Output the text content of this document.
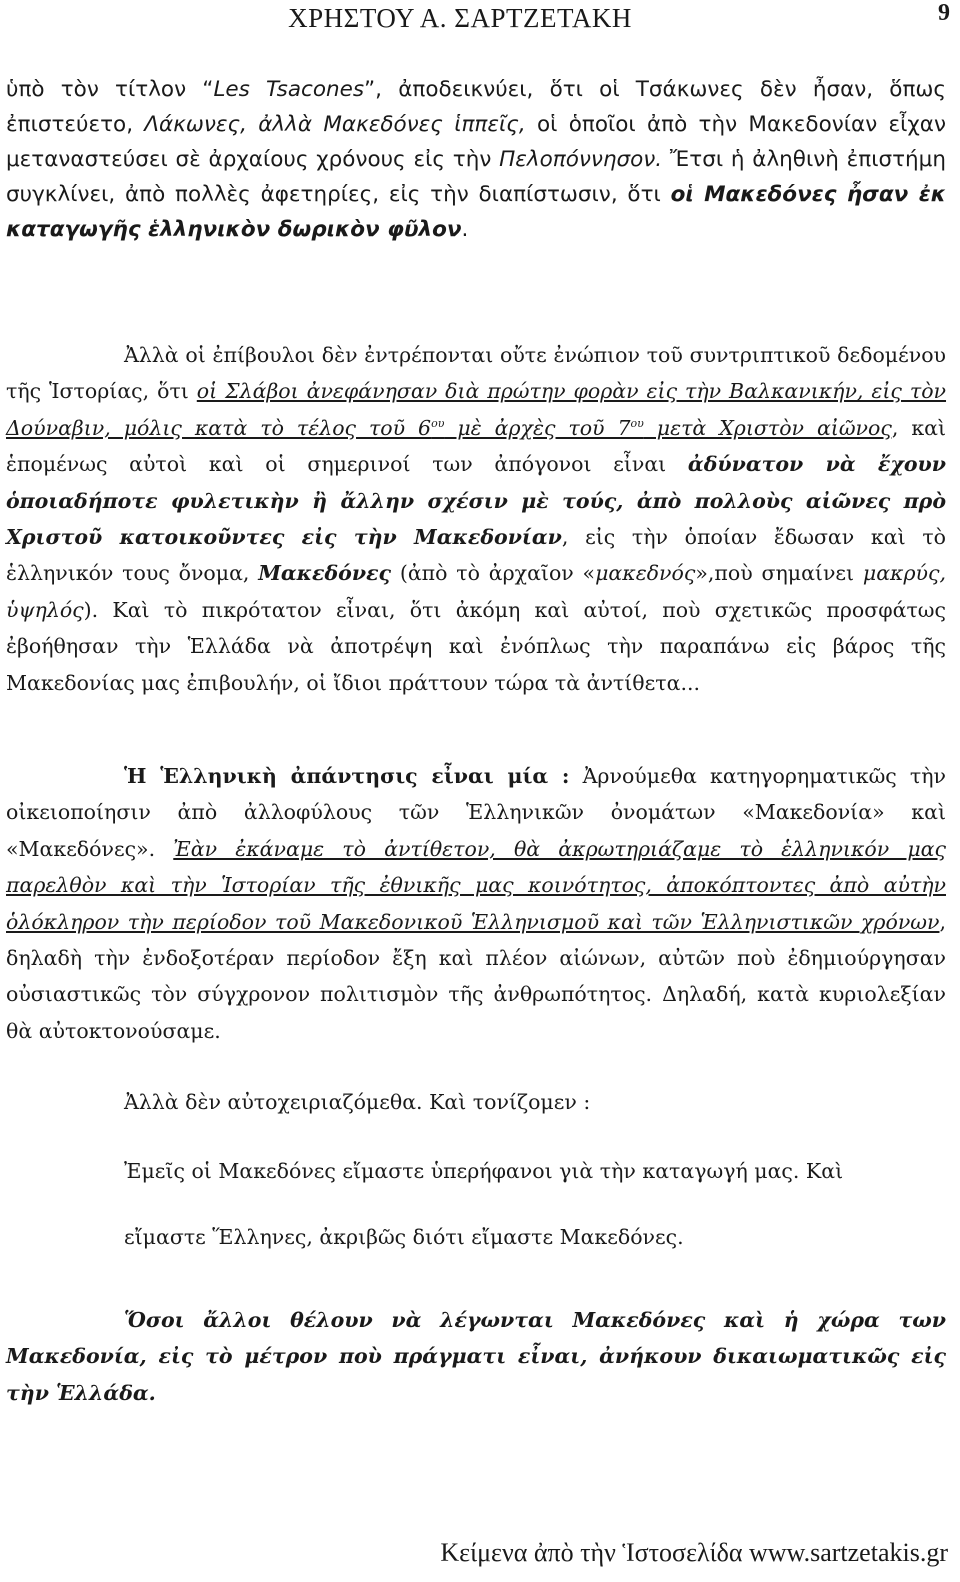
ΧΡΗΣΤΟΥ Α. ΣΑΡΤΖΕΤΑΚΗ	9

ὑπὸ τὸν τίτλον “Les Tsacones”, ἀποδεικνύει, ὅτι οἱ Τσάκωνες δὲν ἦσαν, ὅπως ἐπιστεύετο, Λάκωνες, ἀλλὰ Μακεδόνες ἱππεῖς, οἱ ὁποῖοι ἀπὸ τὴν Μακεδονίαν εἶχαν μεταναστεύσει σὲ ἀρχαίους χρόνους εἰς τὴν Πελοπόννησον. Ἔτσι ἡ ἀληθινὴ ἐπιστήμη συγκλίνει, ἀπὸ πολλὲς ἀφετηρίες, εἰς τὴν διαπίστωσιν, ὅτι οἱ Μακεδόνες ἦσαν ἐκ καταγωγῆς ἑλληνικὸν δωρικὸν φῦλον.

Ἀλλὰ οἱ ἐπίβουλοι δὲν ἐντρέπονται οὔτε ἐνώπιον τοῦ συντριπτικοῦ δεδομένου τῆς Ἱστορίας, ὅτι οἱ Σλάβοι ἀνεφάνησαν διὰ πρώτην φορὰν εἰς τὴν Βαλκανικήν, εἰς τὸν Δούναβιν, μόλις κατὰ τὸ τέλος τοῦ $6^{o\upsilon}$ μὲ ἀρχὲς τοῦ $7^{o\upsilon}$ μετὰ Χριστὸν αἰῶνος, καὶ ἑπομένως αὐτοὶ καὶ οἱ σημερινοί των ἀπόγονοι εἶναι ἀδύνατον νὰ ἔχουν ὁποιαδήποτε φυλετικὴν ἢ ἄλλην σχέσιν μὲ τούς, ἀπὸ πολλοὺς αἰῶνες πρὸ Χριστοῦ κατοικοῦντες εἰς τὴν Μακεδονίαν, εἰς τὴν ὁποίαν ἔδωσαν καὶ τὸ ἑλληνικόν τους ὄνομα, Μακεδόνες (ἀπὸ τὸ ἀρχαῖον «μακεδνός»,ποὺ σημαίνει μακρύς, ὑψηλός). Καὶ τὸ πικρότατον εἶναι, ὅτι ἀκόμη καὶ αὐτοί, ποὺ σχετικῶς προσφάτως ἐβοήθησαν τὴν Ἑλλάδα νὰ ἀποτρέψη καὶ ἐνόπλως τὴν παραπάνω εἰς βάρος τῆς Μακεδονίας μας ἐπιβουλήν, οἱ ἴδιοι πράττουν τώρα τὰ ἀντίθετα...

Ἡ Ἑλληνικὴ ἀπάντησις εἶναι μία : Ἀρνούμεθα κατηγορηματικῶς τὴν οἰκειοποίησιν ἀπὸ ἀλλοφύλους τῶν Ἑλληνικῶν ὀνομάτων «Μακεδονία» καὶ «Μακεδόνες». Ἐὰν ἐκάναμε τὸ ἀντίθετον, θὰ ἀκρωτηριάζαμε τὸ ἑλληνικόν μας παρελθὸν καὶ τὴν Ἱστορίαν τῆς ἐθνικῆς μας κοινότητος, ἀποκόπτοντες ἀπὸ αὐτὴν ὁλόκληρον τὴν περίοδον τοῦ Μακεδονικοῦ Ἑλληνισμοῦ καὶ τῶν Ἑλληνιστικῶν χρόνων, δηλαδὴ τὴν ἐνδοξοτέραν περίοδον ἔξη καὶ πλέον αἰώνων, αὐτῶν ποὺ ἐδημιούργησαν οὐσιαστικῶς τὸν σύγχρονον πολιτισμὸν τῆς ἀνθρωπότητος. Δηλαδή, κατὰ κυριολεξίαν θὰ αὐτοκτονούσαμε.

Ἀλλὰ δὲν αὐτοχειριαζόμεθα. Καὶ τονίζομεν :

Ἐμεῖς οἱ Μακεδόνες εἴμαστε ὑπερήφανοι γιὰ τὴν καταγωγή μας. Καὶ

εἴμαστε Ἕλληνες, ἀκριβῶς διότι εἴμαστε Μακεδόνες.

Ὅσοι ἄλλοι θέλουν νὰ λέγωνται Μακεδόνες καὶ ἡ χώρα των Μακεδονία, εἰς τὸ μέτρον ποὺ πράγματι εἶναι, ἀνήκουν δικαιωματικῶς εἰς τὴν Ἑλλάδα.

Κείμενα ἀπὸ τὴν Ἱστοσελίδα www.sartzetakis.gr
